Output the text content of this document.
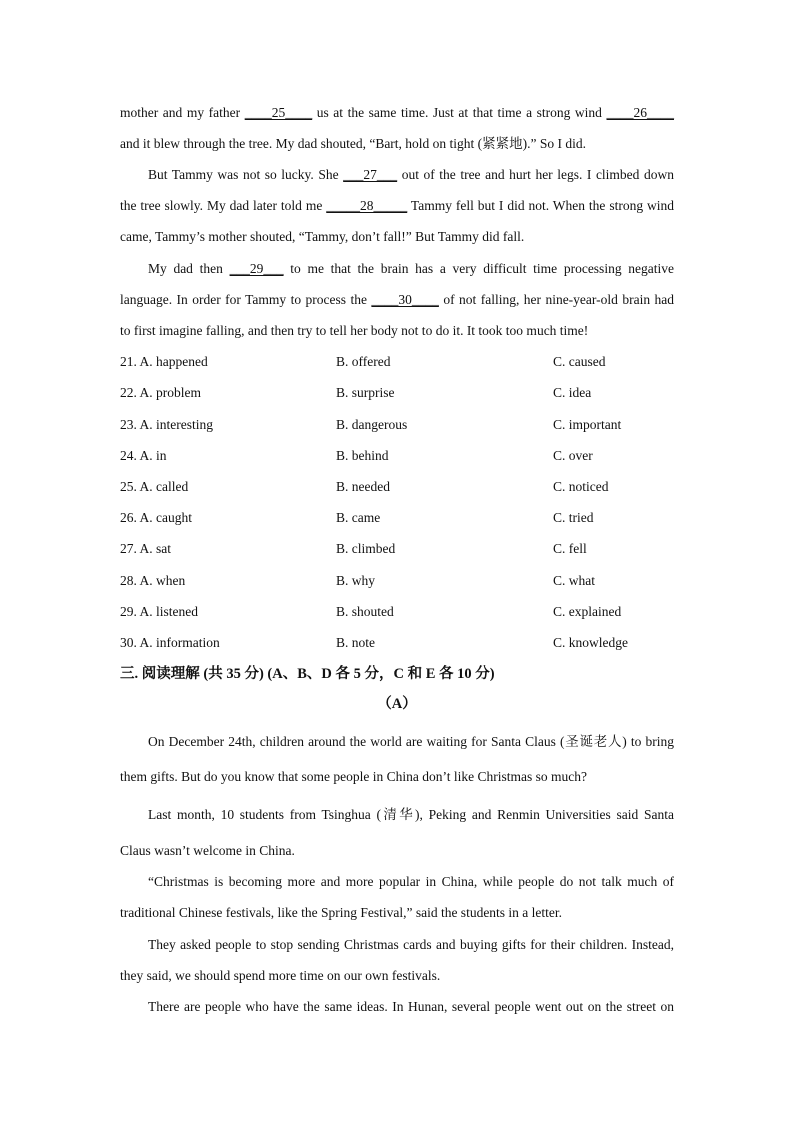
mother and my father ____25____ us at the same time. Just at that time a strong wind ____26____
and it blew through the tree. My dad shouted, “Bart, hold on tight (紧紧地).” So I did.
But Tammy was not so lucky. She ___27___ out of the tree and hurt her legs. I climbed down
the tree slowly. My dad later told me _____28_____ Tammy fell but I did not. When the strong wind
came, Tammy’s mother shouted, “Tammy, don’t fall!” But Tammy did fall.
My dad then ___29___ to me that the brain has a very difficult time processing negative
language. In order for Tammy to process the ____30____ of not falling, her nine-year-old brain had
to first imagine falling, and then try to tell her body not to do it. It took too much time!
21. A. happened	B. offered	C. caused
22. A. problem	B. surprise	C. idea
23. A. interesting	B. dangerous	C. important
24. A. in	B. behind	C. over
25. A. called	B. needed	C. noticed
26. A. caught	B. came	C. tried
27. A. sat	B. climbed	C. fell
28. A. when	B. why	C. what
29. A. listened	B. shouted	C. explained
30. A. information	B. note	C. knowledge
三. 阅读理解 (共 35 分) (A、B、D 各 5 分，C 和 E 各 10 分)
（A）
On December 24th, children around the world are waiting for Santa Claus (圣诞老人) to bring
them gifts. But do you know that some people in China don’t like Christmas so much?
Last month, 10 students from Tsinghua (清华), Peking and Renmin Universities said Santa
Claus wasn’t welcome in China.
“Christmas is becoming more and more popular in China, while people do not talk much of
traditional Chinese festivals, like the Spring Festival,” said the students in a letter.
They asked people to stop sending Christmas cards and buying gifts for their children. Instead,
they said, we should spend more time on our own festivals.
There are people who have the same ideas. In Hunan, several people went out on the street on
